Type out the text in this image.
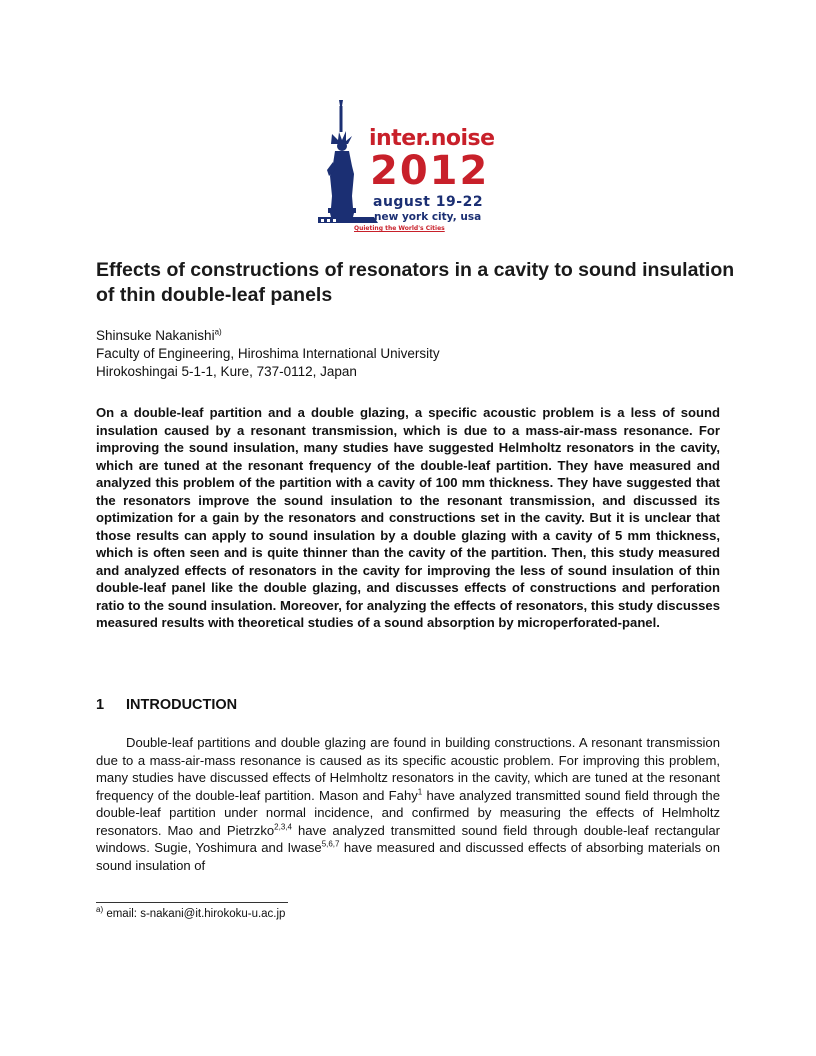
inter.noise
2012
august 19-22
new york city, usa
Quieting the World's Cities
Effects of constructions of resonators in a cavity to sound insulation of thin double-leaf panels
Shinsuke Nakanishi$^{a)}$
Faculty of Engineering, Hiroshima International University
Hirokoshingai 5-1-1, Kure, 737-0112, Japan

On a double-leaf partition and a double glazing, a specific acoustic problem is a less of sound insulation caused by a resonant transmission, which is due to a mass-air-mass resonance. For improving the sound insulation, many studies have suggested Helmholtz resonators in the cavity, which are tuned at the resonant frequency of the double-leaf partition. They have measured and analyzed this problem of the partition with a cavity of 100 mm thickness. They have suggested that the resonators improve the sound insulation to the resonant transmission, and discussed its optimization for a gain by the resonators and constructions set in the cavity. But it is unclear that those results can apply to sound insulation by a double glazing with a cavity of 5 mm thickness, which is often seen and is quite thinner than the cavity of the partition. Then, this study measured and analyzed effects of resonators in the cavity for improving the less of sound insulation of thin double-leaf panel like the double glazing, and discusses effects of constructions and perforation ratio to the sound insulation. Moreover, for analyzing the effects of resonators, this study discusses measured results with theoretical studies of a sound absorption by microperforated-panel.

1 INTRODUCTION

Double-leaf partitions and double glazing are found in building constructions. A resonant transmission due to a mass-air-mass resonance is caused as its specific acoustic problem. For improving this problem, many studies have discussed effects of Helmholtz resonators in the cavity, which are tuned at the resonant frequency of the double-leaf partition. Mason and Fahy$^1$ have analyzed transmitted sound field through the double-leaf partition under normal incidence, and confirmed by measuring the effects of Helmholtz resonators. Mao and Pietrzko$^{2,3,4}$ have analyzed transmitted sound field through double-leaf rectangular windows. Sugie, Yoshimura and Iwase$^{5,6,7}$ have measured and discussed effects of absorbing materials on sound insulation of

$^{a)}$ email: s-nakani@it.hirokoku-u.ac.jp
